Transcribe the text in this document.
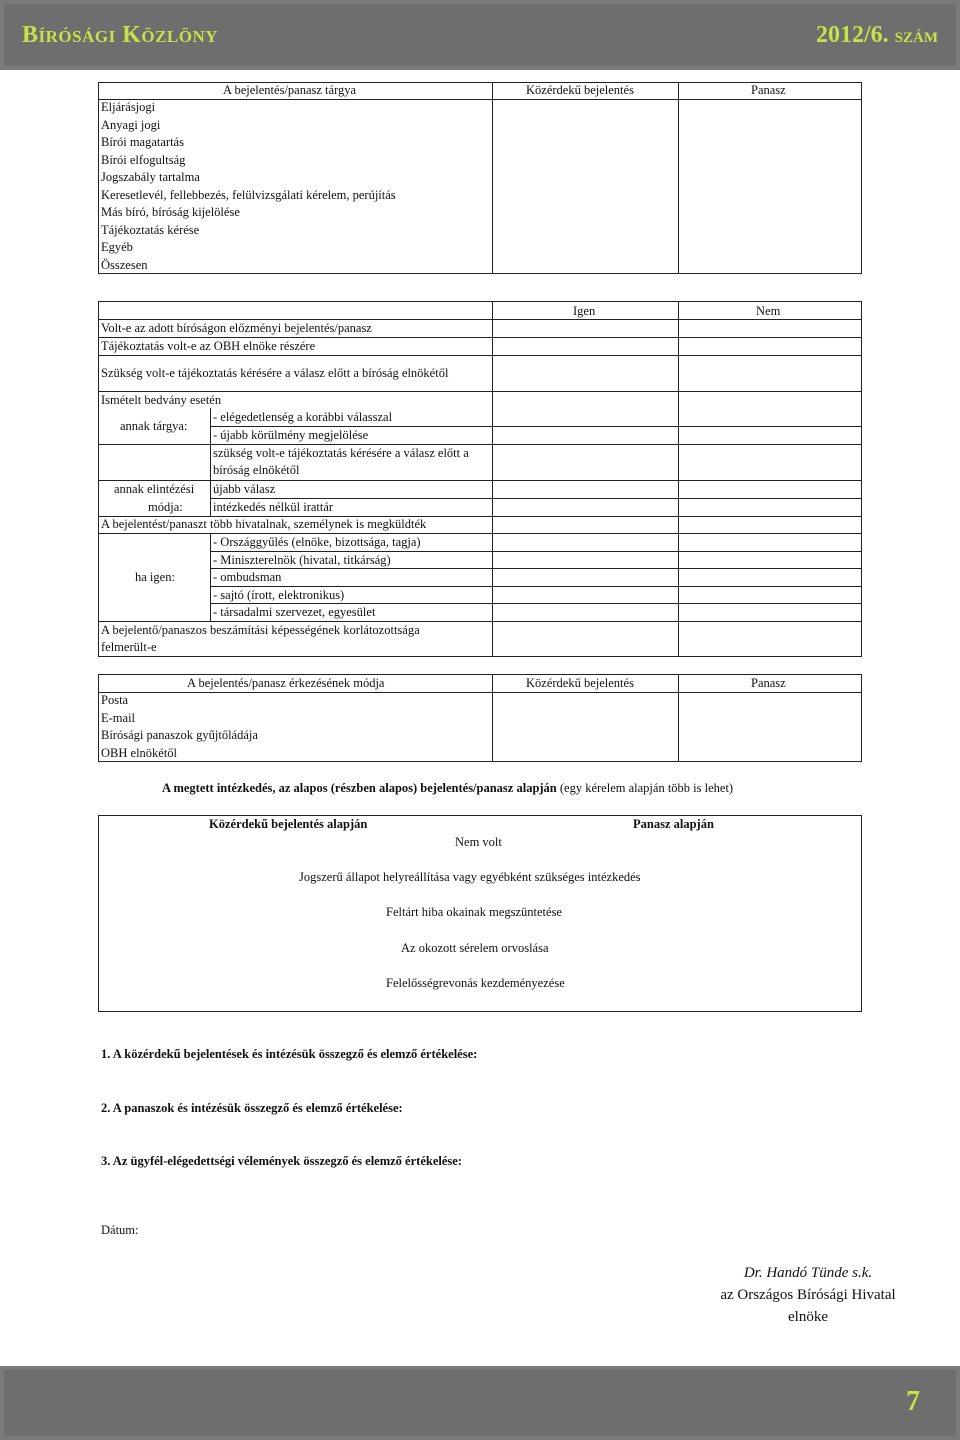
Bírósági Közlöny	2012/6. szám
A bejelentés/panasz tárgya	Közérdekű bejelentés	Panasz
Eljárásjogi
Anyagi jogi
Bírói magatartás
Bírói elfogultság
Jogszabály tartalma
Keresetlevél, fellebbezés, felülvizsgálati kérelem, perújítás
Más bíró, bíróság kijelölése
Tájékoztatás kérése
Egyéb
Összesen
Igen	Nem
Volt-e az adott bíróságon előzményi bejelentés/panasz
Tájékoztatás volt-e az OBH elnöke részére
Szükség volt-e tájékoztatás kérésére a válasz előtt a bíróság elnökétől
Ismételt bedvány esetén
annak tárgya:
- elégedetlenség a korábbi válasszal
- újabb körülmény megjelölése
szükség volt-e tájékoztatás kérésére a válasz előtt a
bíróság elnökétől
annak elintézési
módja:
újabb válasz
intézkedés nélkül irattár
A bejelentést/panaszt több hivatalnak, személynek is megküldték
ha igen:
- Országgyűlés (elnöke, bizottsága, tagja)
- Miniszterelnök (hivatal, titkárság)
- ombudsman
- sajtó (írott, elektronikus)
- társadalmi szervezet, egyesület
A bejelentő/panaszos beszámítási képességének korlátozottsága
felmerült-e
A bejelentés/panasz érkezésének módja	Közérdekű bejelentés	Panasz
Posta
E-mail
Bírósági panaszok gyűjtőládája
OBH elnökétől
A megtett intézkedés, az alapos (részben alapos) bejelentés/panasz alapján (egy kérelem alapján több is lehet)
Közérdekű bejelentés alapján	Panasz alapján
Nem volt
Jogszerű állapot helyreállítása vagy egyébként szükséges intézkedés
Feltárt hiba okainak megszüntetése
Az okozott sérelem orvoslása
Felelősségrevonás kezdeményezése
1. A közérdekű bejelentések és intézésük összegző és elemző értékelése:
2. A panaszok és intézésük összegző és elemző értékelése:
3. Az ügyfél-elégedettségi vélemények összegző és elemző értékelése:
Dátum:
Dr. Handó Tünde s.k.
az Országos Bírósági Hivatal
elnöke
7
